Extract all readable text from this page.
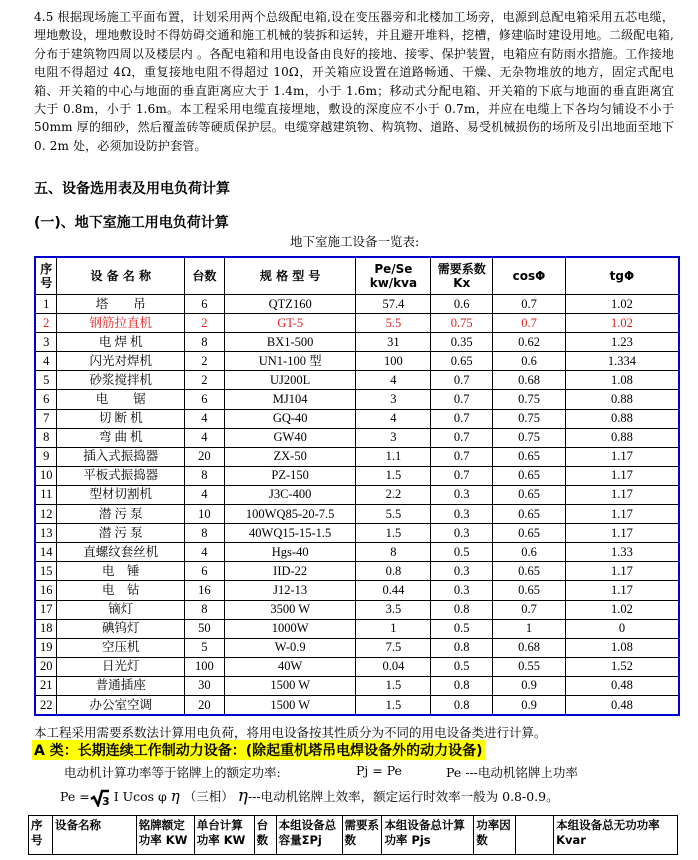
4.5 根据现场施工平面布置，计划采用两个总级配电箱,设在变压器旁和北楼加工场旁，电源到总配电箱采用五芯电缆，埋地敷设，埋地敷设时不得妨碍交通和施工机械的装拆和运转，并且避开堆料，挖槽，修建临时建设用地。二级配电箱, 分布于建筑物四周以及楼层内 。各配电箱和用电设备由良好的接地、接零、保护装置，电箱应有防雨水措施。工作接地电阻不得超过 4Ω，重复接地电阻不得超过 10Ω，开关箱应设置在道路畅通、干燥、无杂物堆放的地方，固定式配电箱、开关箱的中心与地面的垂直距离应大于 1.4m，小于 1.6m；移动式分配电箱、开关箱的下底与地面的垂直距离宜大于 0.8m，小于 1.6m。本工程采用电缆直接埋地，敷设的深度应不小于 0.7m，并应在电缆上下各均匀铺设不小于 50mm 厚的细砂，然后覆盖砖等硬质保护层。电缆穿越建筑物、构筑物、道路、易受机械损伤的场所及引出地面至地下 0. 2m 处，必须加设防护套管。
五、设备选用表及用电负荷计算
(一)、地下室施工用电负荷计算
地下室施工设备一览表:
序号	设 备 名 称	台数	规 格 型 号	Pe/Se kw/kva	需要系数 Kx	cosΦ	tgΦ
1	塔　　吊	6	QTZ160	57.4	0.6	0.7	1.02
2	钢筋拉直机	2	GT-5	5.5	0.75	0.7	1.02
3	电 焊 机	8	BX1-500	31	0.35	0.62	1.23
4	闪光对焊机	2	UN1-100 型	100	0.65	0.6	1.334
5	砂浆搅拌机	2	UJ200L	4	0.7	0.68	1.08
6	电　　锯	6	MJ104	3	0.7	0.75	0.88
7	切 断 机	4	GQ-40	4	0.7	0.75	0.88
8	弯 曲 机	4	GW40	3	0.7	0.75	0.88
9	插入式振捣器	20	ZX-50	1.1	0.7	0.65	1.17
10	平板式振捣器	8	PZ-150	1.5	0.7	0.65	1.17
11	型材切割机	4	J3C-400	2.2	0.3	0.65	1.17
12	潜 污 泵	10	100WQ85-20-7.5	5.5	0.3	0.65	1.17
13	潜 污 泵	8	40WQ15-15-1.5	1.5	0.3	0.65	1.17
14	直螺纹套丝机	4	Hgs-40	8	0.5	0.6	1.33
15	电　锤	6	IID-22	0.8	0.3	0.65	1.17
16	电　钻	16	J12-13	0.44	0.3	0.65	1.17
17	镝灯	8	3500 W	3.5	0.8	0.7	1.02
18	碘钨灯	50	1000W	1	0.5	1	0
19	空压机	5	W-0.9	7.5	0.8	0.68	1.08
20	日光灯	100	40W	0.04	0.5	0.55	1.52
21	普通插座	30	1500 W	1.5	0.8	0.9	0.48
22	办公室空调	20	1500 W	1.5	0.8	0.9	0.48
本工程采用需要系数法计算用电负荷，将用电设备按其性质分为不同的用电设备类进行计算。
A 类：长期连续工作制动力设备：(除起重机塔吊电焊设备外的动力设备)
电动机计算功率等于铭牌上的额定功率:	Pj = Pe	Pe ---电动机铭牌上功率
Pe = 3 I Ucos φ η （三相） η---电动机铭牌上效率，额定运行时效率一般为 0.8-0.9。
序号	设备名称	铭牌额定功率 KW	单台计算功率 KW	台数	本组设备总容量ΣPj	需要系数	本组设备总计算功率 Pjs	功率因数		本组设备总无功功率 Kvar
